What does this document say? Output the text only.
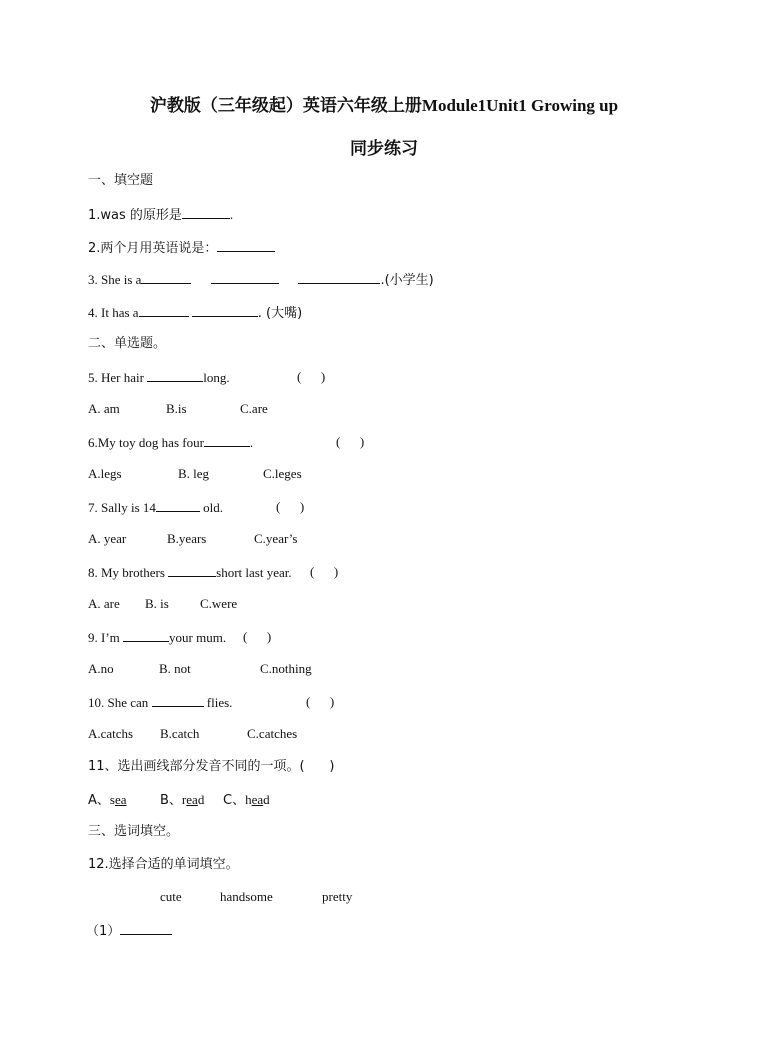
沪教版（三年级起）英语六年级上册Module1Unit1 Growing up
同步练习
一、填空题
1.was 的原形是	.
2.两个月用英语说是：
3. She is a	.(小学生)
4. It has a	. (大嘴)
二、单选题。
5. Her hair	long.	(      )
A. am	B.is	C.are
6.My toy dog has four	.	(      )
A.legs	B. leg	C.leges
7. Sally is 14	old.	(      )
A. year	B.years	C.year’s
8. My brothers	short last year. (      )
A. are B. is C.were
9. I’m	your mum. (      )
A.no	B. not	C.nothing
10. She can	flies.	(      )
A.catchs B.catch	C.catches
11、选出画线部分发音不同的一项。(      )
A、sea	B、read C、head
三、选词填空。
12.选择合适的单词填空。
cute	handsome	pretty
（1）
